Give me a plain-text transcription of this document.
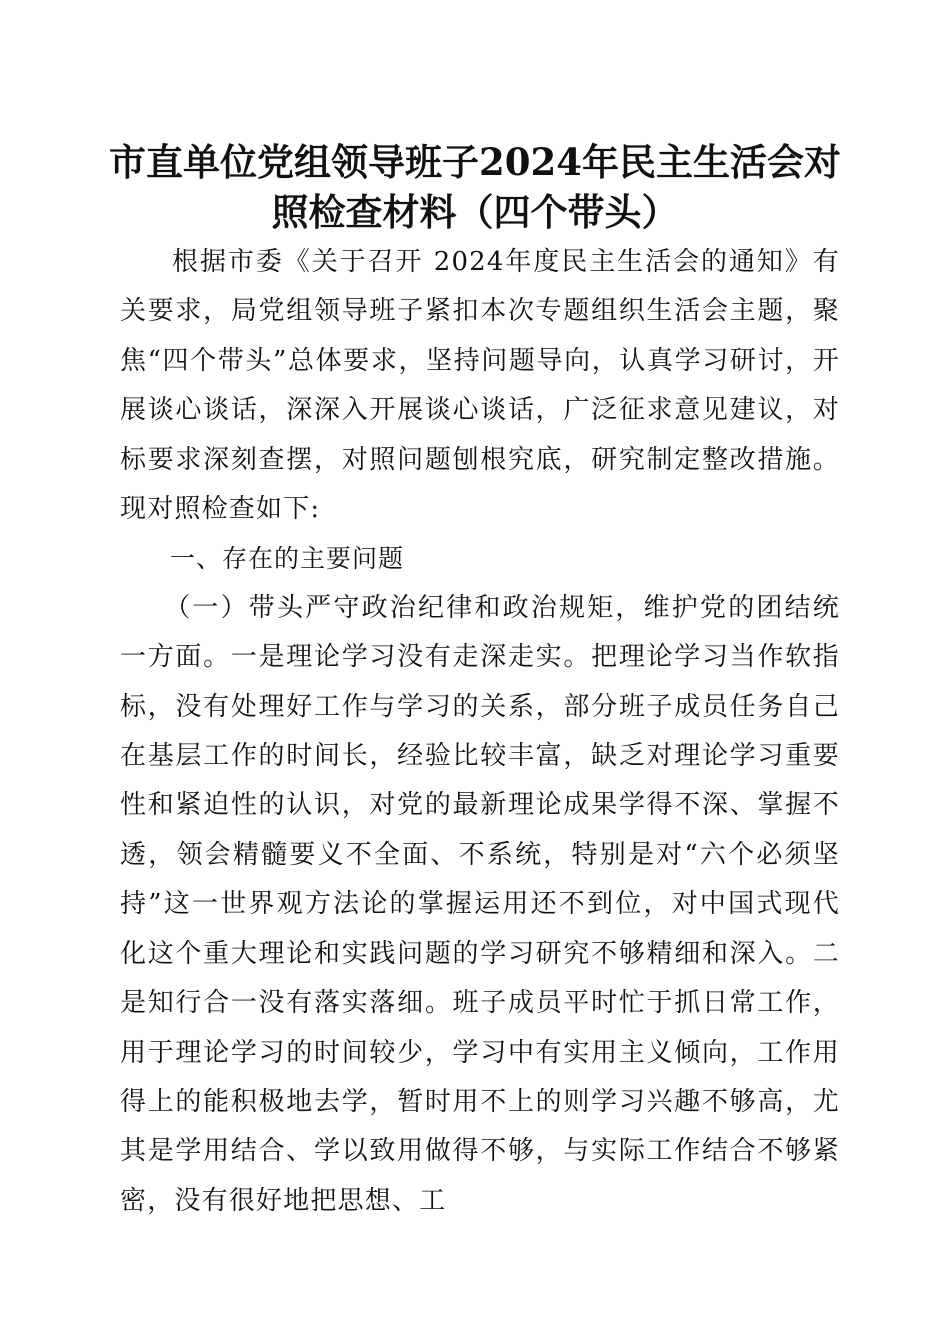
市直单位党组领导班子2024年民主生活会对
照检查材料（四个带头）

根据市委《关于召开 2024年度民主生活会的通知》有关要求，局党组领导班子紧扣本次专题组织生活会主题，聚焦“四个带头”总体要求，坚持问题导向，认真学习研讨，开展谈心谈话，深深入开展谈心谈话，广泛征求意见建议，对标要求深刻查摆，对照问题刨根究底，研究制定整改措施。现对照检查如下:

一、存在的主要问题

（一）带头严守政治纪律和政治规矩，维护党的团结统一方面。一是理论学习没有走深走实。把理论学习当作软指标，没有处理好工作与学习的关系，部分班子成员任务自己在基层工作的时间长，经验比较丰富，缺乏对理论学习重要性和紧迫性的认识，对党的最新理论成果学得不深、掌握不透，领会精髓要义不全面、不系统，特别是对“六个必须坚持”这一世界观方法论的掌握运用还不到位，对中国式现代化这个重大理论和实践问题的学习研究不够精细和深入。二是知行合一没有落实落细。班子成员平时忙于抓日常工作，用于理论学习的时间较少，学习中有实用主义倾向，工作用得上的能积极地去学，暂时用不上的则学习兴趣不够高，尤其是学用结合、学以致用做得不够，与实际工作结合不够紧密，没有很好地把思想、工
